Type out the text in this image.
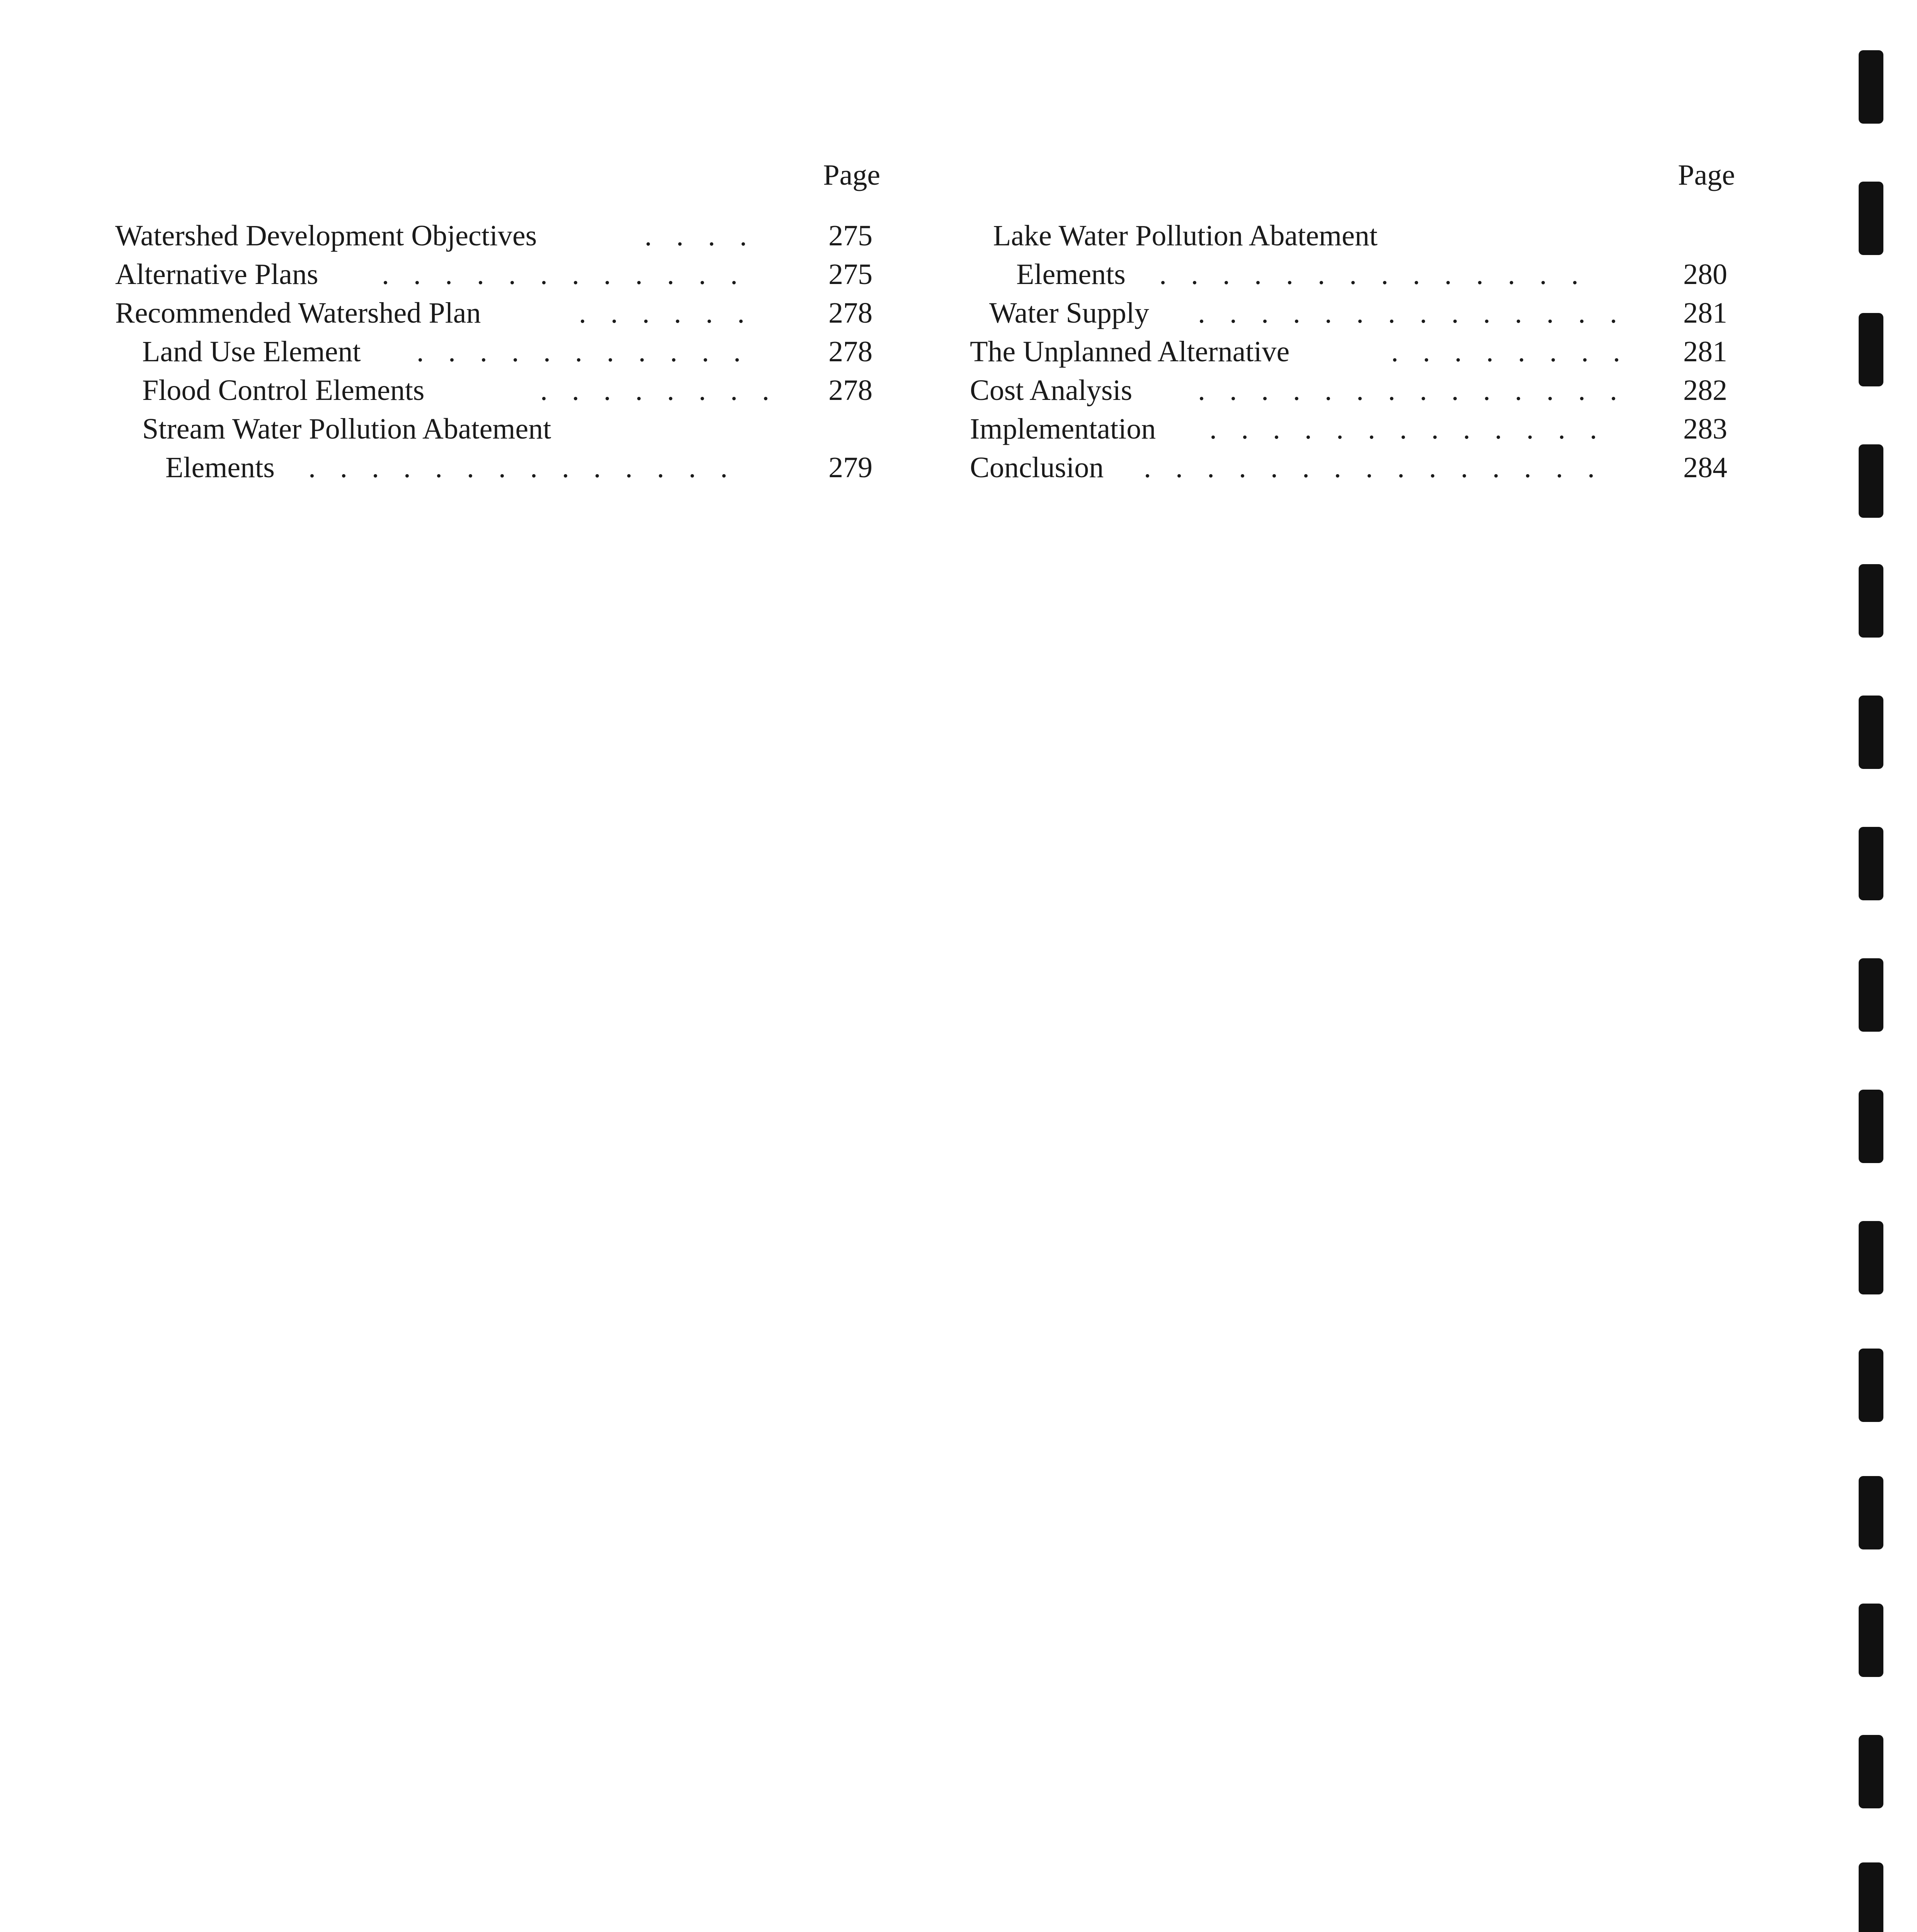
Page
Watershed Development Objectives	. . . .	275
Alternative Plans . . . . . . . . . . . .	275
Recommended Watershed Plan	. . . . . .	278
Land Use Element . . . . . . . . . . .	278
Flood Control Elements	. . . . . . . .	278
Stream Water Pollution Abatement
Elements . . . . . . . . . . . . . .	279
Page
Lake Water Pollution Abatement
Elements . . . . . . . . . . . . . .	280
Water Supply . . . . . . . . . . . . . .	281
The Unplanned Alternative	. . . . . . . .	281
Cost Analysis . . . . . . . . . . . . . .	282
Implementation . . . . . . . . . . . . .	283
Conclusion . . . . . . . . . . . . . . .	284
